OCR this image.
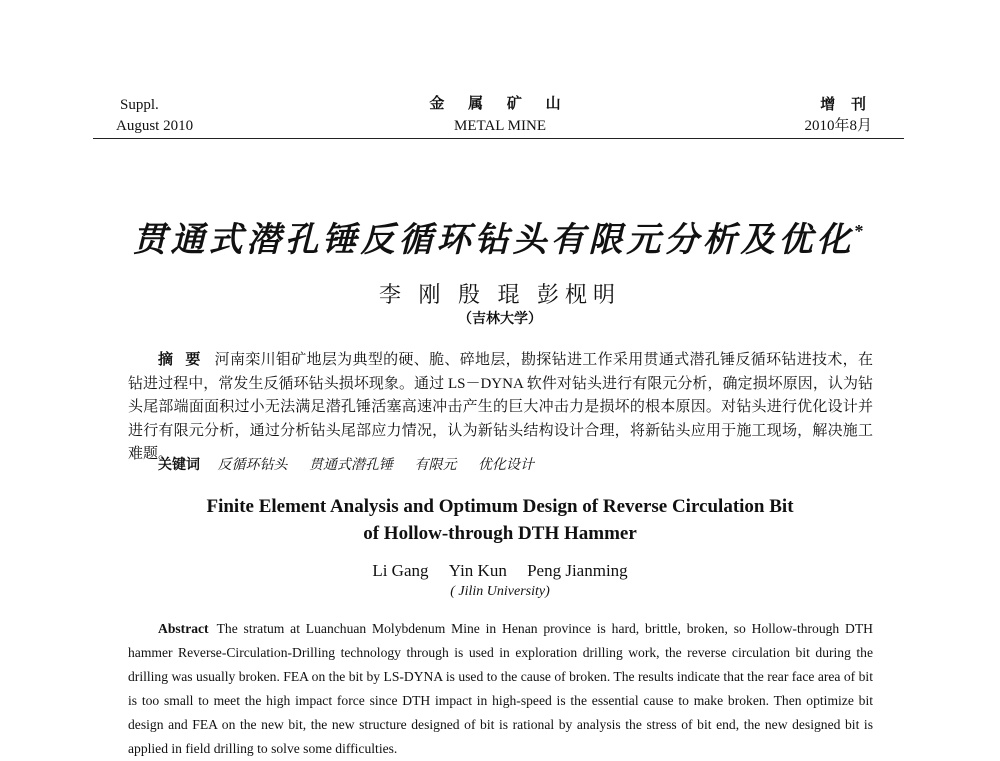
Suppl.
August 2010
金 属 矿 山
METAL MINE
增 刊
2010年8月
贯通式潜孔锤反循环钻头有限元分析及优化*
李 刚 殷 琨 彭枧明
（吉林大学）
摘要 河南栾川钼矿地层为典型的硬、脆、碎地层，勘探钻进工作采用贯通式潜孔锤反循环钻进技术，在钻进过程中，常发生反循环钻头损坏现象。通过 LS－DYNA 软件对钻头进行有限元分析，确定损坏原因，认为钻头尾部端面面积过小无法满足潜孔锤活塞高速冲击产生的巨大冲击力是损坏的根本原因。对钻头进行优化设计并进行有限元分析，通过分析钻头尾部应力情况，认为新钻头结构设计合理，将新钻头应用于施工现场，解决施工难题。
关键词 反循环钻头 贯通式潜孔锤 有限元 优化设计
Finite Element Analysis and Optimum Design of Reverse Circulation Bit
of Hollow-through DTH Hammer
Li Gang Yin Kun Peng Jianming
( Jilin University)
Abstract The stratum at Luanchuan Molybdenum Mine in Henan province is hard, brittle, broken, so Hollow-through DTH hammer Reverse-Circulation-Drilling technology through is used in exploration drilling work, the reverse circulation bit during the drilling was usually broken. FEA on the bit by LS-DYNA is used to the cause of broken. The results indicate that the rear face area of bit is too small to meet the high impact force since DTH impact in high-speed is the essential cause to make broken. Then optimize bit design and FEA on the new bit, the new structure designed of bit is rational by analysis the stress of bit end, the new designed bit is applied in field drilling to solve some difficulties.
